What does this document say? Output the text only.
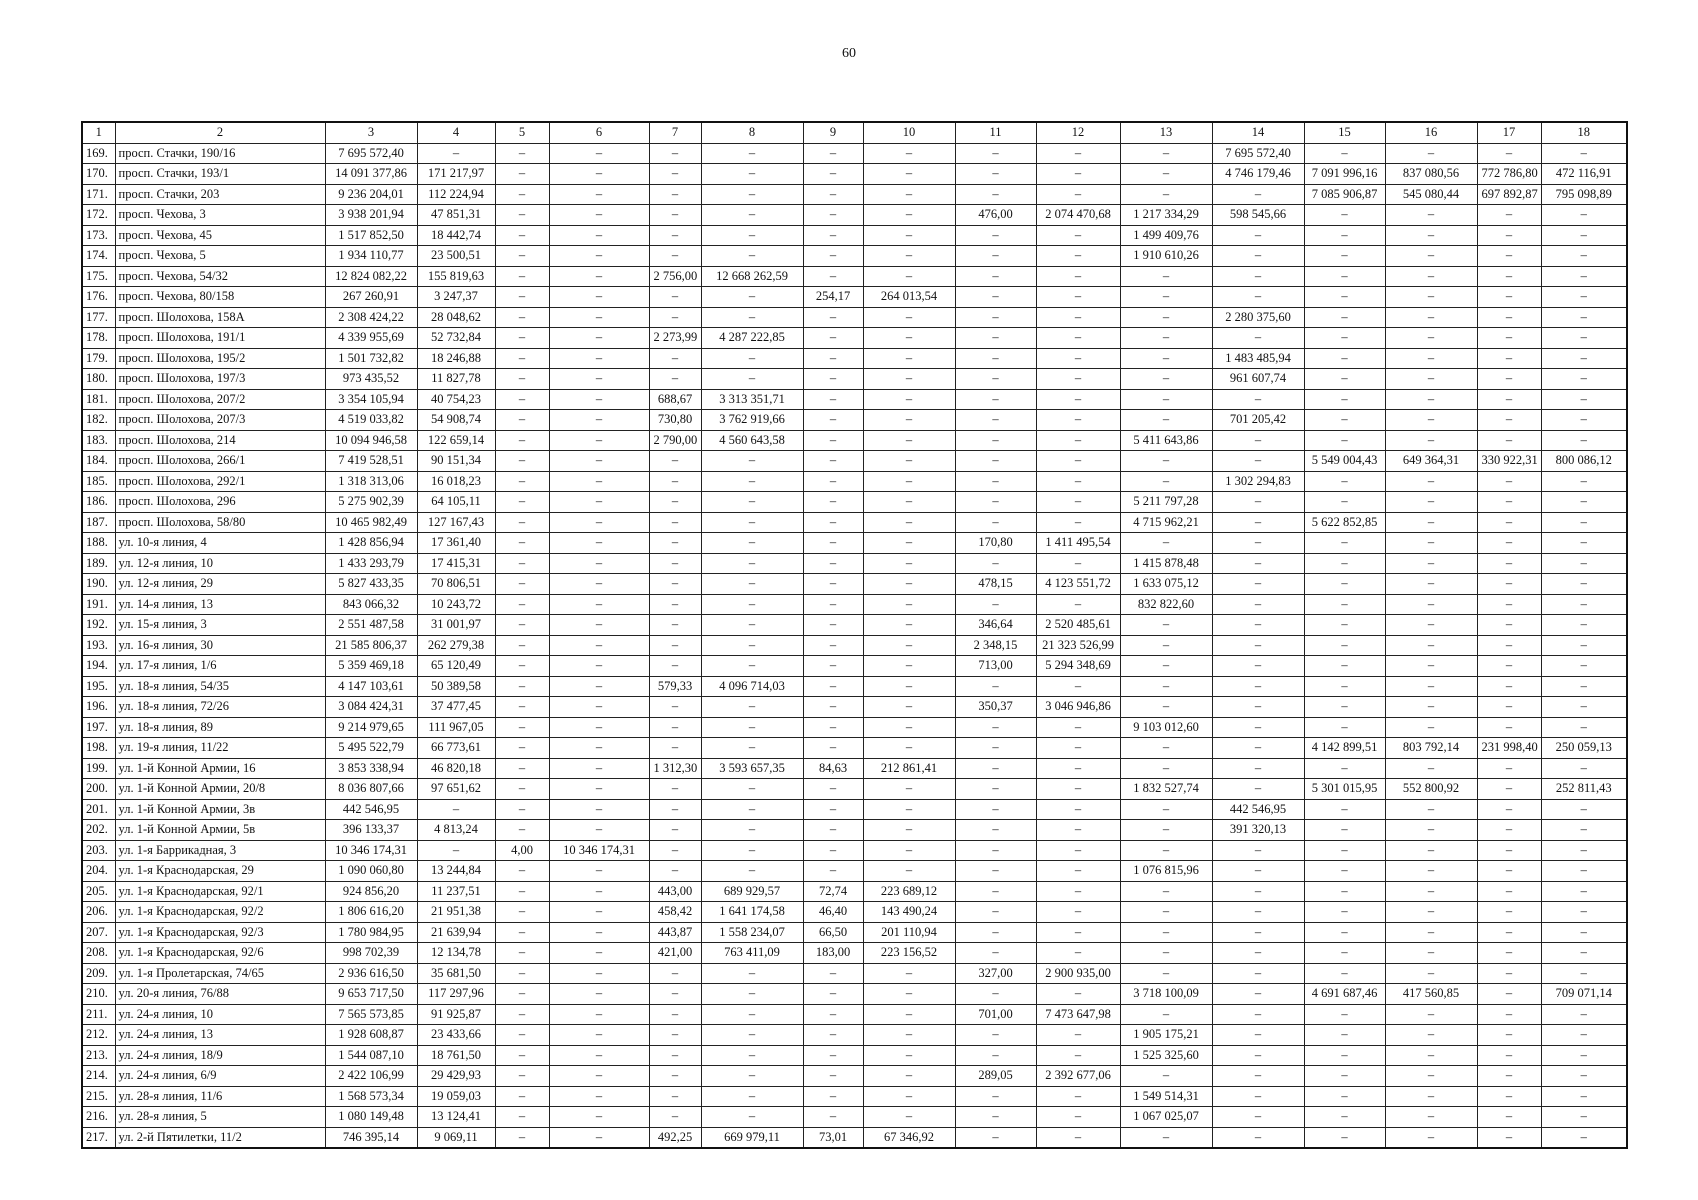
60
1	2	3	4	5	6	7	8	9	10	11	12	13	14	15	16	17	18
169.	просп. Стачки, 190/16	7 695 572,40	–	–	–	–	–	–	–	–	–	–	7 695 572,40	–	–	–	–
170.	просп. Стачки, 193/1	14 091 377,86	171 217,97	–	–	–	–	–	–	–	–	–	4 746 179,46	7 091 996,16	837 080,56	772 786,80	472 116,91
171.	просп. Стачки, 203	9 236 204,01	112 224,94	–	–	–	–	–	–	–	–	–	–	7 085 906,87	545 080,44	697 892,87	795 098,89
172.	просп. Чехова, 3	3 938 201,94	47 851,31	–	–	–	–	–	–	476,00	2 074 470,68	1 217 334,29	598 545,66	–	–	–	–
173.	просп. Чехова, 45	1 517 852,50	18 442,74	–	–	–	–	–	–	–	–	1 499 409,76	–	–	–	–	–
174.	просп. Чехова, 5	1 934 110,77	23 500,51	–	–	–	–	–	–	–	–	1 910 610,26	–	–	–	–	–
175.	просп. Чехова, 54/32	12 824 082,22	155 819,63	–	–	2 756,00	12 668 262,59	–	–	–	–	–	–	–	–	–	–
176.	просп. Чехова, 80/158	267 260,91	3 247,37	–	–	–	–	254,17	264 013,54	–	–	–	–	–	–	–	–
177.	просп. Шолохова, 158А	2 308 424,22	28 048,62	–	–	–	–	–	–	–	–	–	2 280 375,60	–	–	–	–
178.	просп. Шолохова, 191/1	4 339 955,69	52 732,84	–	–	2 273,99	4 287 222,85	–	–	–	–	–	–	–	–	–	–
179.	просп. Шолохова, 195/2	1 501 732,82	18 246,88	–	–	–	–	–	–	–	–	–	1 483 485,94	–	–	–	–
180.	просп. Шолохова, 197/3	973 435,52	11 827,78	–	–	–	–	–	–	–	–	–	961 607,74	–	–	–	–
181.	просп. Шолохова, 207/2	3 354 105,94	40 754,23	–	–	688,67	3 313 351,71	–	–	–	–	–	–	–	–	–	–
182.	просп. Шолохова, 207/3	4 519 033,82	54 908,74	–	–	730,80	3 762 919,66	–	–	–	–	–	701 205,42	–	–	–	–
183.	просп. Шолохова, 214	10 094 946,58	122 659,14	–	–	2 790,00	4 560 643,58	–	–	–	–	5 411 643,86	–	–	–	–	–
184.	просп. Шолохова, 266/1	7 419 528,51	90 151,34	–	–	–	–	–	–	–	–	–	–	5 549 004,43	649 364,31	330 922,31	800 086,12
185.	просп. Шолохова, 292/1	1 318 313,06	16 018,23	–	–	–	–	–	–	–	–	–	1 302 294,83	–	–	–	–
186.	просп. Шолохова, 296	5 275 902,39	64 105,11	–	–	–	–	–	–	–	–	5 211 797,28	–	–	–	–	–
187.	просп. Шолохова, 58/80	10 465 982,49	127 167,43	–	–	–	–	–	–	–	–	4 715 962,21	–	5 622 852,85	–	–	–
188.	ул. 10-я линия, 4	1 428 856,94	17 361,40	–	–	–	–	–	–	170,80	1 411 495,54	–	–	–	–	–	–
189.	ул. 12-я линия, 10	1 433 293,79	17 415,31	–	–	–	–	–	–	–	–	1 415 878,48	–	–	–	–	–
190.	ул. 12-я линия, 29	5 827 433,35	70 806,51	–	–	–	–	–	–	478,15	4 123 551,72	1 633 075,12	–	–	–	–	–
191.	ул. 14-я линия, 13	843 066,32	10 243,72	–	–	–	–	–	–	–	–	832 822,60	–	–	–	–	–
192.	ул. 15-я линия, 3	2 551 487,58	31 001,97	–	–	–	–	–	–	346,64	2 520 485,61	–	–	–	–	–	–
193.	ул. 16-я линия, 30	21 585 806,37	262 279,38	–	–	–	–	–	–	2 348,15	21 323 526,99	–	–	–	–	–	–
194.	ул. 17-я линия, 1/6	5 359 469,18	65 120,49	–	–	–	–	–	–	713,00	5 294 348,69	–	–	–	–	–	–
195.	ул. 18-я линия, 54/35	4 147 103,61	50 389,58	–	–	579,33	4 096 714,03	–	–	–	–	–	–	–	–	–	–
196.	ул. 18-я линия, 72/26	3 084 424,31	37 477,45	–	–	–	–	–	–	350,37	3 046 946,86	–	–	–	–	–	–
197.	ул. 18-я линия, 89	9 214 979,65	111 967,05	–	–	–	–	–	–	–	–	9 103 012,60	–	–	–	–	–
198.	ул. 19-я линия, 11/22	5 495 522,79	66 773,61	–	–	–	–	–	–	–	–	–	–	4 142 899,51	803 792,14	231 998,40	250 059,13
199.	ул. 1-й Конной Армии, 16	3 853 338,94	46 820,18	–	–	1 312,30	3 593 657,35	84,63	212 861,41	–	–	–	–	–	–	–	–
200.	ул. 1-й Конной Армии, 20/8	8 036 807,66	97 651,62	–	–	–	–	–	–	–	–	1 832 527,74	–	5 301 015,95	552 800,92	–	252 811,43
201.	ул. 1-й Конной Армии, 3в	442 546,95	–	–	–	–	–	–	–	–	–	–	442 546,95	–	–	–	–
202.	ул. 1-й Конной Армии, 5в	396 133,37	4 813,24	–	–	–	–	–	–	–	–	–	391 320,13	–	–	–	–
203.	ул. 1-я Баррикадная, 3	10 346 174,31	–	4,00	10 346 174,31	–	–	–	–	–	–	–	–	–	–	–	–
204.	ул. 1-я Краснодарская, 29	1 090 060,80	13 244,84	–	–	–	–	–	–	–	–	1 076 815,96	–	–	–	–	–
205.	ул. 1-я Краснодарская, 92/1	924 856,20	11 237,51	–	–	443,00	689 929,57	72,74	223 689,12	–	–	–	–	–	–	–	–
206.	ул. 1-я Краснодарская, 92/2	1 806 616,20	21 951,38	–	–	458,42	1 641 174,58	46,40	143 490,24	–	–	–	–	–	–	–	–
207.	ул. 1-я Краснодарская, 92/3	1 780 984,95	21 639,94	–	–	443,87	1 558 234,07	66,50	201 110,94	–	–	–	–	–	–	–	–
208.	ул. 1-я Краснодарская, 92/6	998 702,39	12 134,78	–	–	421,00	763 411,09	183,00	223 156,52	–	–	–	–	–	–	–	–
209.	ул. 1-я Пролетарская, 74/65	2 936 616,50	35 681,50	–	–	–	–	–	–	327,00	2 900 935,00	–	–	–	–	–	–
210.	ул. 20-я линия, 76/88	9 653 717,50	117 297,96	–	–	–	–	–	–	–	–	3 718 100,09	–	4 691 687,46	417 560,85	–	709 071,14
211.	ул. 24-я линия, 10	7 565 573,85	91 925,87	–	–	–	–	–	–	701,00	7 473 647,98	–	–	–	–	–	–
212.	ул. 24-я линия, 13	1 928 608,87	23 433,66	–	–	–	–	–	–	–	–	1 905 175,21	–	–	–	–	–
213.	ул. 24-я линия, 18/9	1 544 087,10	18 761,50	–	–	–	–	–	–	–	–	1 525 325,60	–	–	–	–	–
214.	ул. 24-я линия, 6/9	2 422 106,99	29 429,93	–	–	–	–	–	–	289,05	2 392 677,06	–	–	–	–	–	–
215.	ул. 28-я линия, 11/6	1 568 573,34	19 059,03	–	–	–	–	–	–	–	–	1 549 514,31	–	–	–	–	–
216.	ул. 28-я линия, 5	1 080 149,48	13 124,41	–	–	–	–	–	–	–	–	1 067 025,07	–	–	–	–	–
217.	ул. 2-й Пятилетки, 11/2	746 395,14	9 069,11	–	–	492,25	669 979,11	73,01	67 346,92	–	–	–	–	–	–	–	–
